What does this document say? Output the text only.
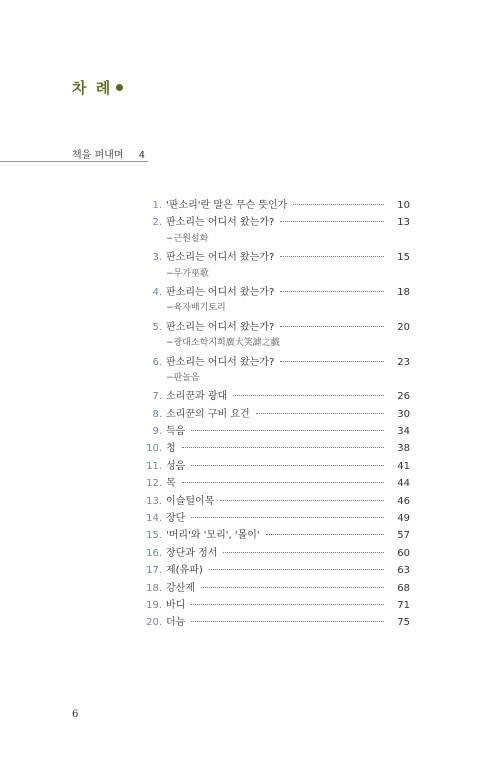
차 례
책을 펴내며 4
1. '판소리'란 말은 무슨 뜻인가	10
2. 판소리는 어디서 왔는가?	13
−근원설화
3. 판소리는 어디서 왔는가?	15
−무가巫歌
4. 판소리는 어디서 왔는가?	18
−육자배기토리
5. 판소리는 어디서 왔는가?	20
−광대소학지희廣大笑謔之戱
6. 판소리는 어디서 왔는가?	23
−판놀음
7. 소리꾼과 광대	26
8. 소리꾼의 구비 요건	30
9. 득음	34
10. 청	38
11. 성음	41
12. 목	44
13. 이슬털이목	46
14. 장단	49
15. '머리'와 '모리', '몰이'	57
16. 장단과 정서	60
17. 제(유파)	63
18. 강산제	68
19. 바디	71
20. 더늠	75
6
